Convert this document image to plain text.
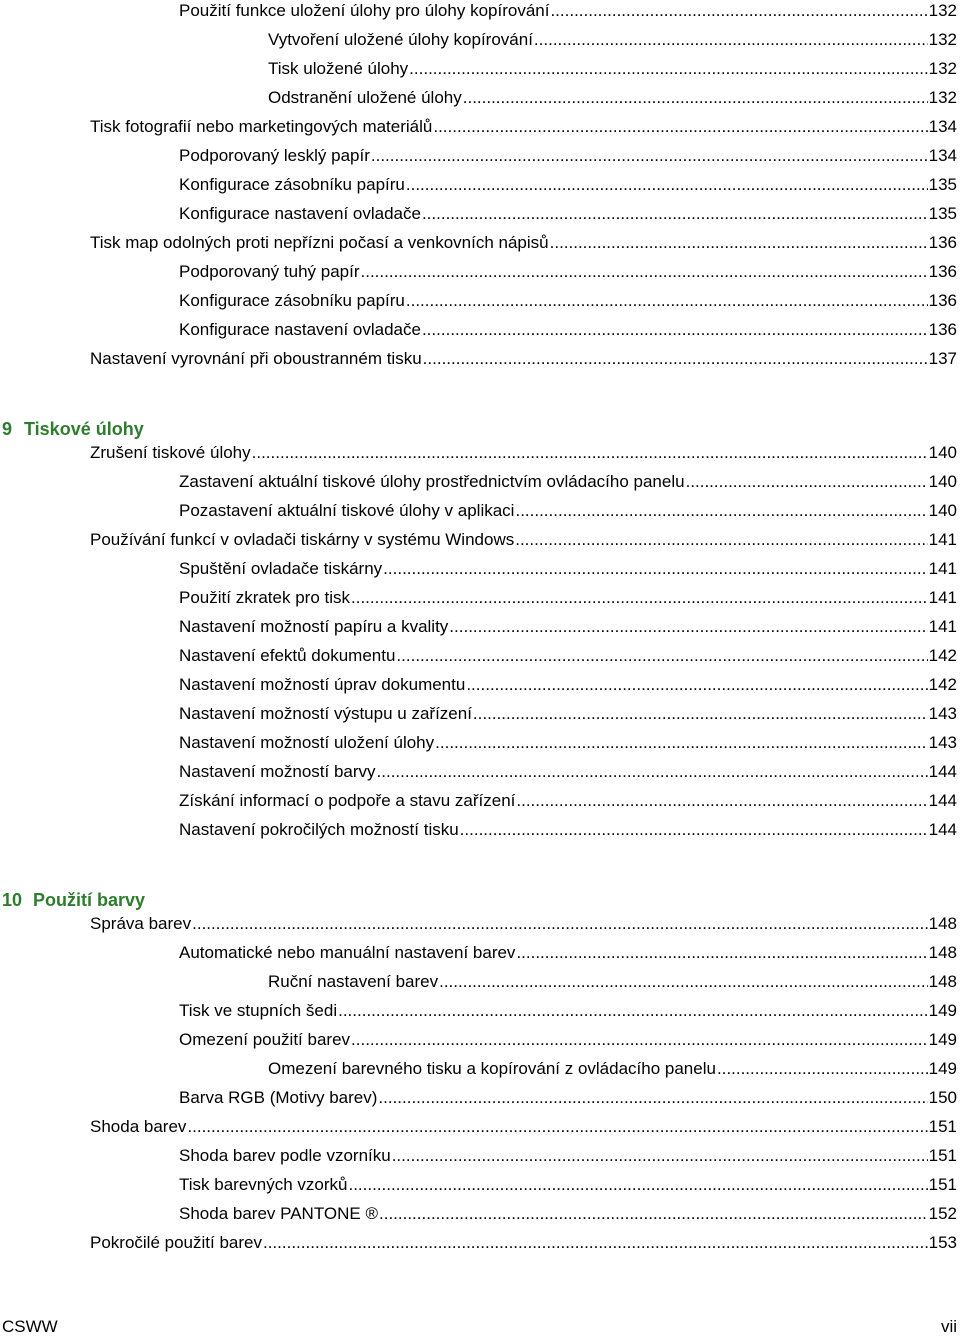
Použití funkce uložení úlohy pro úlohy kopírování .....	132
Vytvoření uložené úlohy kopírování .....	132
Tisk uložené úlohy .....	132
Odstranění uložené úlohy .....	132
Tisk fotografií nebo marketingových materiálů .....	134
Podporovaný lesklý papír .....	134
Konfigurace zásobníku papíru .....	135
Konfigurace nastavení ovladače .....	135
Tisk map odolných proti nepřízni počasí a venkovních nápisů .....	136
Podporovaný tuhý papír .....	136
Konfigurace zásobníku papíru .....	136
Konfigurace nastavení ovladače .....	136
Nastavení vyrovnání při oboustranném tisku .....	137
9 Tiskové úlohy
Zrušení tiskové úlohy .....	140
Zastavení aktuální tiskové úlohy prostřednictvím ovládacího panelu .....	140
Pozastavení aktuální tiskové úlohy v aplikaci .....	140
Používání funkcí v ovladači tiskárny v systému Windows .....	141
Spuštění ovladače tiskárny .....	141
Použití zkratek pro tisk .....	141
Nastavení možností papíru a kvality .....	141
Nastavení efektů dokumentu .....	142
Nastavení možností úprav dokumentu .....	142
Nastavení možností výstupu u zařízení .....	143
Nastavení možností uložení úlohy .....	143
Nastavení možností barvy .....	144
Získání informací o podpoře a stavu zařízení .....	144
Nastavení pokročilých možností tisku .....	144
10 Použití barvy
Správa barev .....	148
Automatické nebo manuální nastavení barev .....	148
Ruční nastavení barev .....	148
Tisk ve stupních šedi .....	149
Omezení použití barev .....	149
Omezení barevného tisku a kopírování z ovládacího panelu .....	149
Barva RGB (Motivy barev) .....	150
Shoda barev .....	151
Shoda barev podle vzorníku .....	151
Tisk barevných vzorků .....	151
Shoda barev PANTONE ® .....	152
Pokročilé použití barev .....	153
CSWW	vii
